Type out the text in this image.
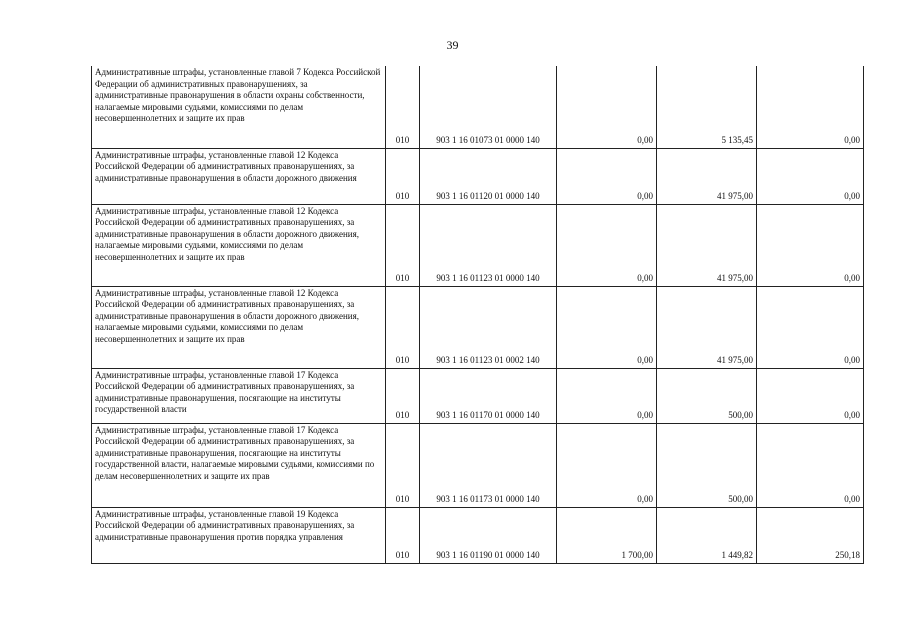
39
Административные штрафы, установленные главой 7 Кодекса Российской Федерации об административных правонарушениях, за административные правонарушения в области охраны собственности, налагаемые мировыми судьями, комиссиями по делам несовершеннолетних и защите их прав	010	903 1 16 01073 01 0000 140	0,00	5 135,45	0,00
Административные штрафы, установленные главой 12 Кодекса Российской Федерации об административных правонарушениях, за административные правонарушения в области дорожного движения	010	903 1 16 01120 01 0000 140	0,00	41 975,00	0,00
Административные штрафы, установленные главой 12 Кодекса Российской Федерации об административных правонарушениях, за административные правонарушения в области дорожного движения, налагаемые мировыми судьями, комиссиями по делам несовершеннолетних и защите их прав	010	903 1 16 01123 01 0000 140	0,00	41 975,00	0,00
Административные штрафы, установленные главой 12 Кодекса Российской Федерации об административных правонарушениях, за административные правонарушения в области дорожного движения, налагаемые мировыми судьями, комиссиями по делам несовершеннолетних и защите их прав	010	903 1 16 01123 01 0002 140	0,00	41 975,00	0,00
Административные штрафы, установленные главой 17 Кодекса Российской Федерации об административных правонарушениях, за административные правонарушения, посягающие на институты государственной власти	010	903 1 16 01170 01 0000 140	0,00	500,00	0,00
Административные штрафы, установленные главой 17 Кодекса Российской Федерации об административных правонарушениях, за административные правонарушения, посягающие на институты государственной власти, налагаемые мировыми судьями, комиссиями по делам несовершеннолетних и защите их прав	010	903 1 16 01173 01 0000 140	0,00	500,00	0,00
Административные штрафы, установленные главой 19 Кодекса Российской Федерации об административных правонарушениях, за административные правонарушения против порядка управления	010	903 1 16 01190 01 0000 140	1 700,00	1 449,82	250,18
